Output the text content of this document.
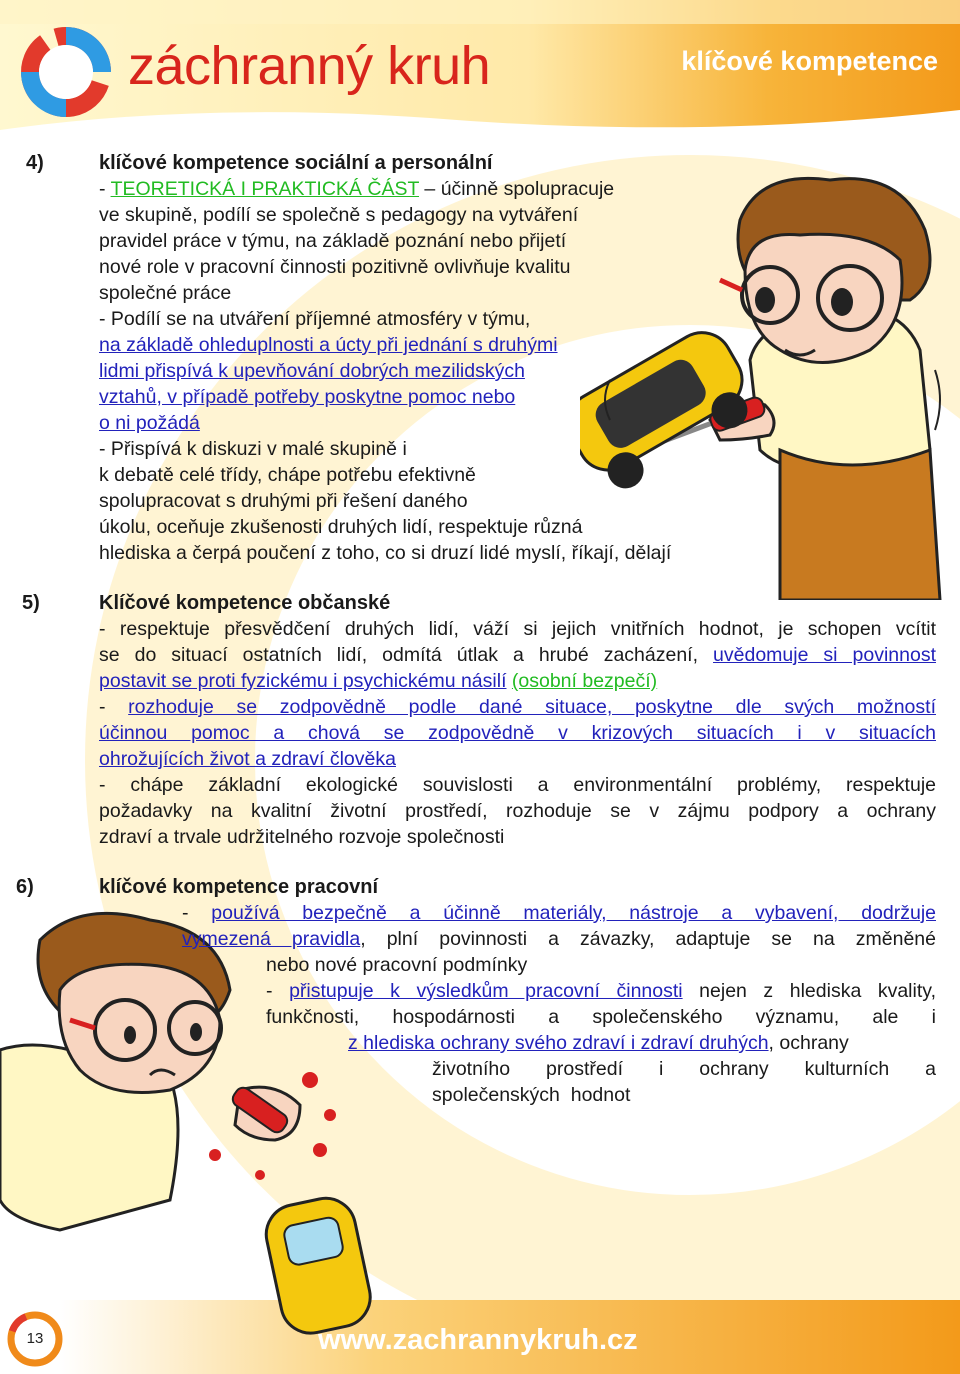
záchranný kruh	klíčové kompetence
4)	klíčové kompetence sociální a personální
- TEORETICKÁ I PRAKTICKÁ ČÁST – účinně spolupracuje
ve skupině, podílí se společně s pedagogy na vytváření
pravidel práce v týmu, na základě poznání nebo přijetí
nové role v pracovní činnosti pozitivně ovlivňuje kvalitu
společné práce
- Podílí se na utváření příjemné atmosféry v týmu,
na základě ohleduplnosti a úcty při jednání s druhými
lidmi přispívá k upevňování dobrých mezilidských
vztahů, v případě potřeby poskytne pomoc nebo
o ni požádá
- Přispívá k diskuzi v malé skupině i
k debatě celé třídy, chápe potřebu efektivně
spolupracovat s druhými při řešení daného
úkolu, oceňuje zkušenosti druhých lidí, respektuje různá
hlediska a čerpá poučení z toho, co si druzí lidé myslí, říkají, dělají
5)	Klíčové kompetence občanské
- respektuje přesvědčení druhých lidí, váží si jejich vnitřních hodnot, je schopen vcítit
se do situací ostatních lidí, odmítá útlak a hrubé zacházení, uvědomuje si povinnost
postavit se proti fyzickému i psychickému násilí (osobní bezpečí)
- rozhoduje se zodpovědně podle dané situace, poskytne dle svých možností
účinnou pomoc a chová se zodpovědně v krizových situacích i v situacích
ohrožujících život a zdraví člověka
- chápe základní ekologické souvislosti a environmentální problémy, respektuje
požadavky na kvalitní životní prostředí, rozhoduje se v zájmu podpory a ochrany
zdraví a trvale udržitelného rozvoje společnosti
6)	klíčové kompetence pracovní
- používá bezpečně a účinně materiály, nástroje a vybavení, dodržuje
vymezená pravidla, plní povinnosti a závazky, adaptuje se na změněné
nebo nové pracovní podmínky
- přistupuje k výsledkům pracovní činnosti nejen z hlediska kvality,
funkčnosti, hospodárnosti a společenského významu, ale i
z hlediska ochrany svého zdraví i zdraví druhých, ochrany
životního prostředí i ochrany kulturních a
společenských  hodnot
13	www.zachrannykruh.cz
